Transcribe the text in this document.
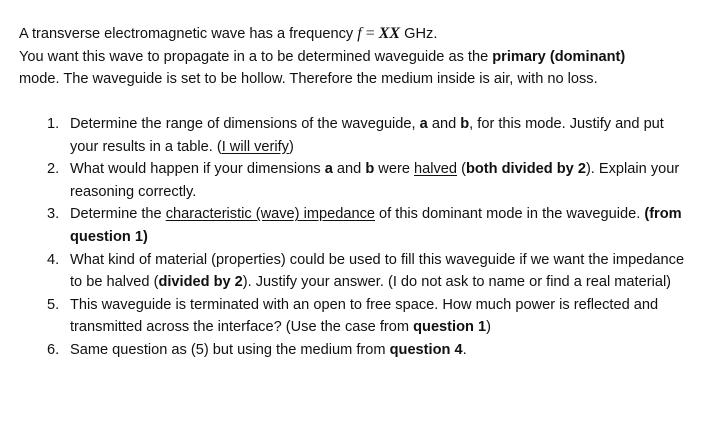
A transverse electromagnetic wave has a frequency f = XX GHz.

You want this wave to propagate in a to be determined waveguide as the primary (dominant)
mode. The waveguide is set to be hollow. Therefore the medium inside is air, with no loss.

1. Determine the range of dimensions of the waveguide, a and b, for this mode. Justify and put your results in a table. (I will verify)
2. What would happen if your dimensions a and b were halved (both divided by 2). Explain your reasoning correctly.
3. Determine the characteristic (wave) impedance of this dominant mode in the waveguide. (from question 1)
4. What kind of material (properties) could be used to fill this waveguide if we want the impedance to be halved (divided by 2). Justify your answer. (I do not ask to name or find a real material)
5. This waveguide is terminated with an open to free space. How much power is reflected and transmitted across the interface? (Use the case from question 1)
6. Same question as (5) but using the medium from question 4.
